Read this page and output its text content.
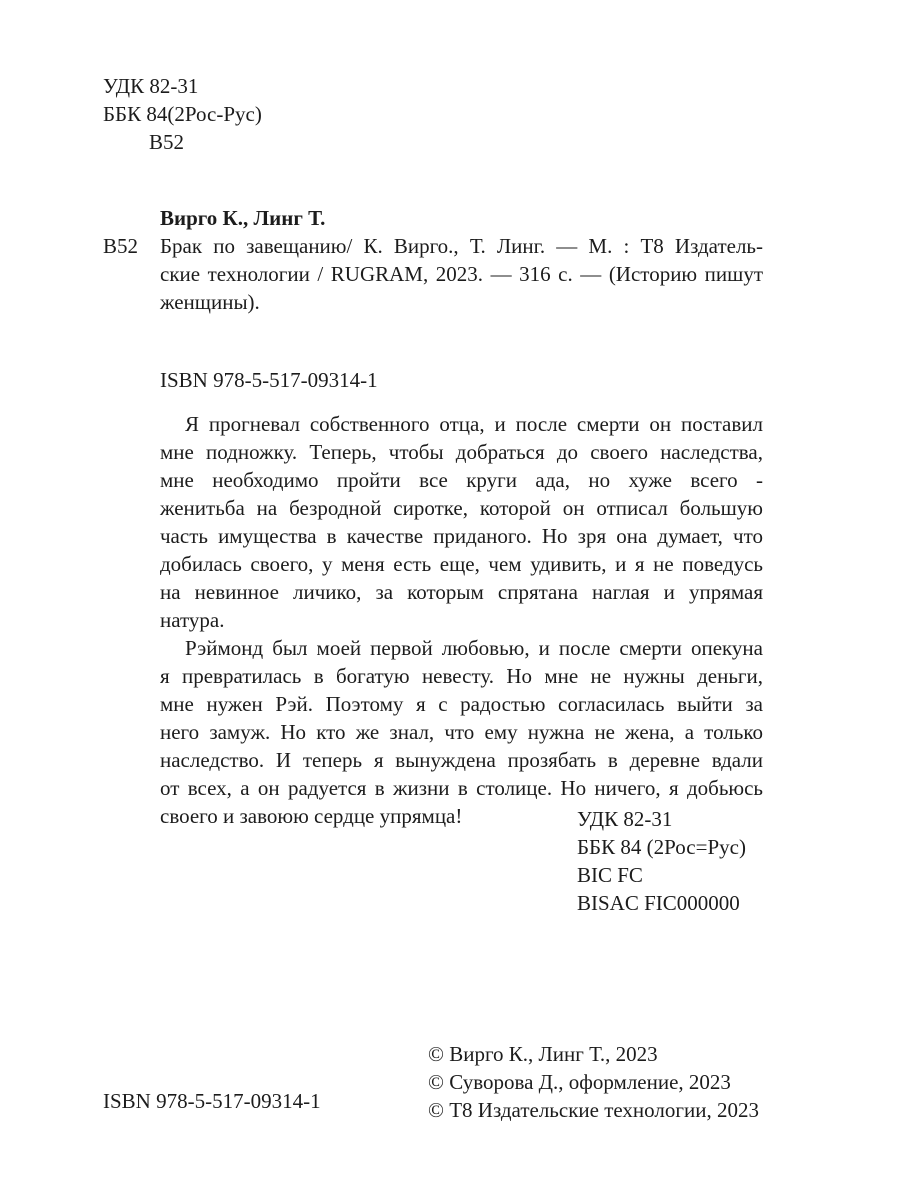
УДК 82-31
ББК 84(2Рос-Рус)
В52
Вирго К., Линг Т.
В52 Брак по завещанию/ К. Вирго., Т. Линг. — М. : Т8 Издатель-
ские технологии / RUGRAM, 2023. — 316 с. — (Историю пишут
женщины).
ISBN 978-5-517-09314-1
Я прогневал собственного отца, и после смерти он поставил
мне подножку. Теперь, чтобы добраться до своего наследства,
мне необходимо пройти все круги ада, но хуже всего -
женитьба на безродной сиротке, которой он отписал большую
часть имущества в качестве приданого. Но зря она думает, что
добилась своего, у меня есть еще, чем удивить, и я не поведусь
на невинное личико, за которым спрятана наглая и упрямая
натура.
Рэймонд был моей первой любовью, и после смерти опекуна
я превратилась в богатую невесту. Но мне не нужны деньги,
мне нужен Рэй. Поэтому я с радостью согласилась выйти за
него замуж. Но кто же знал, что ему нужна не жена, а только
наследство. И теперь я вынуждена прозябать в деревне вдали
от всех, а он радуется в жизни в столице. Но ничего, я добьюсь
своего и завоюю сердце упрямца!	УДК 82-31
ББК 84 (2Рос=Рус)
BIC FC
BISAC FIC000000
ISBN 978-5-517-09314-1
© Вирго К., Линг Т., 2023
© Суворова Д., оформление, 2023
© Т8 Издательские технологии, 2023
